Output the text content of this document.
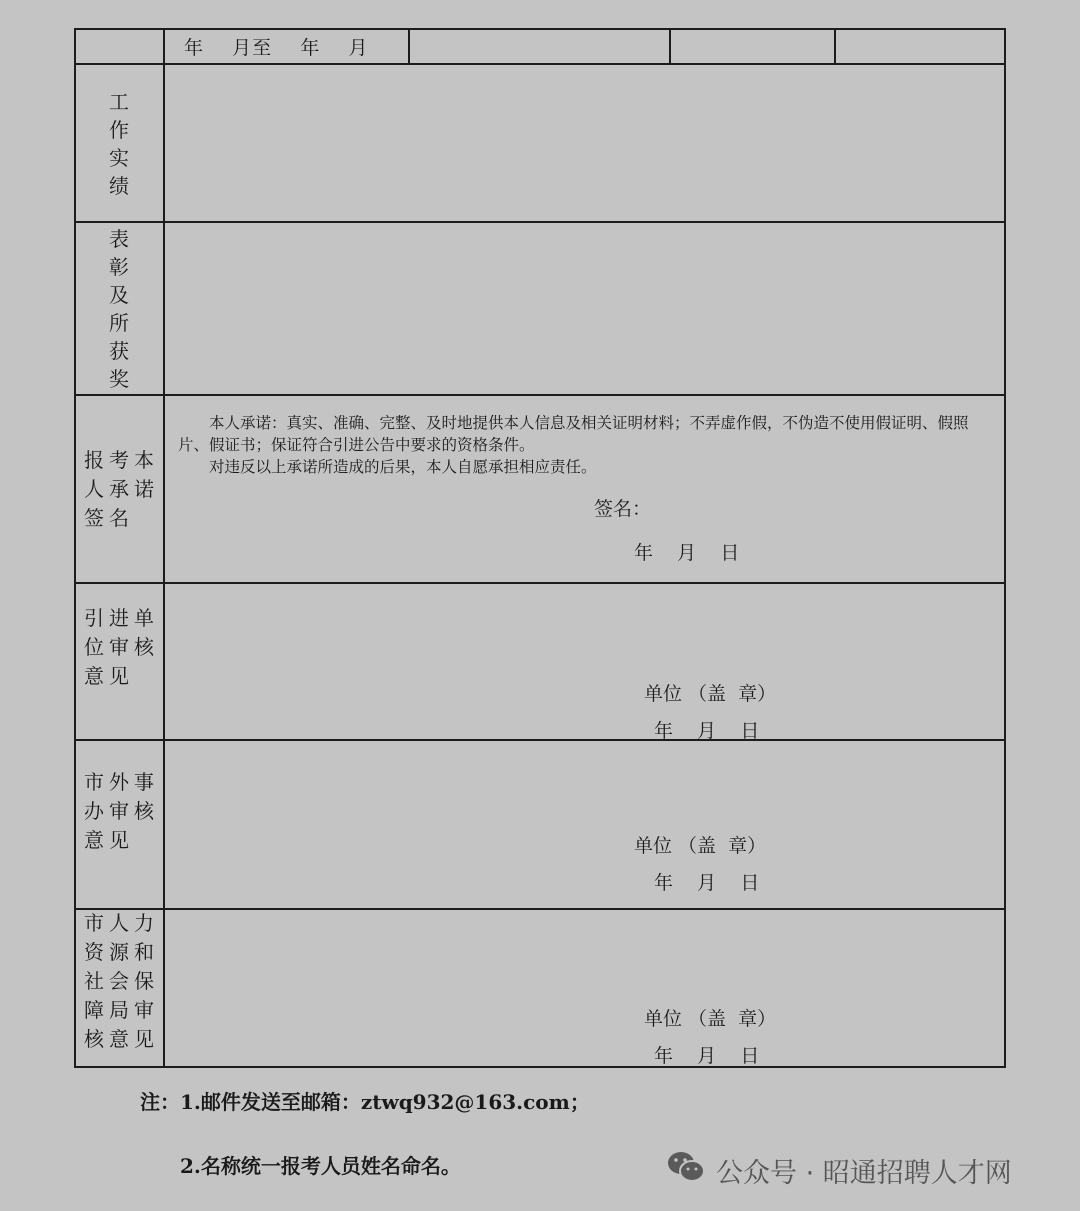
年    月至    年    月
工
作
实
绩
表
彰
及
所
获
奖
报考本人承诺签名

本人承诺：真实、准确、完整、及时地提供本人信息及相关证明材料；不弄虚作假，不伪造不使用假证明、假照片、假证书；保证符合引进公告中要求的资格条件。

对违反以上承诺所造成的后果，本人自愿承担相应责任。

签名：
年    月    日
引进单位审核意见
单位 （盖  章）
年    月    日
市外事办审核意见	单位 （盖  章）
年    月    日
市人力资源和社会保障局审核意见
单位 （盖  章）
年    月    日
注：1.邮件发送至邮箱：ztwq932@163.com；
2.名称统一报考人员姓名命名。	公众号 · 昭通招聘人才网
